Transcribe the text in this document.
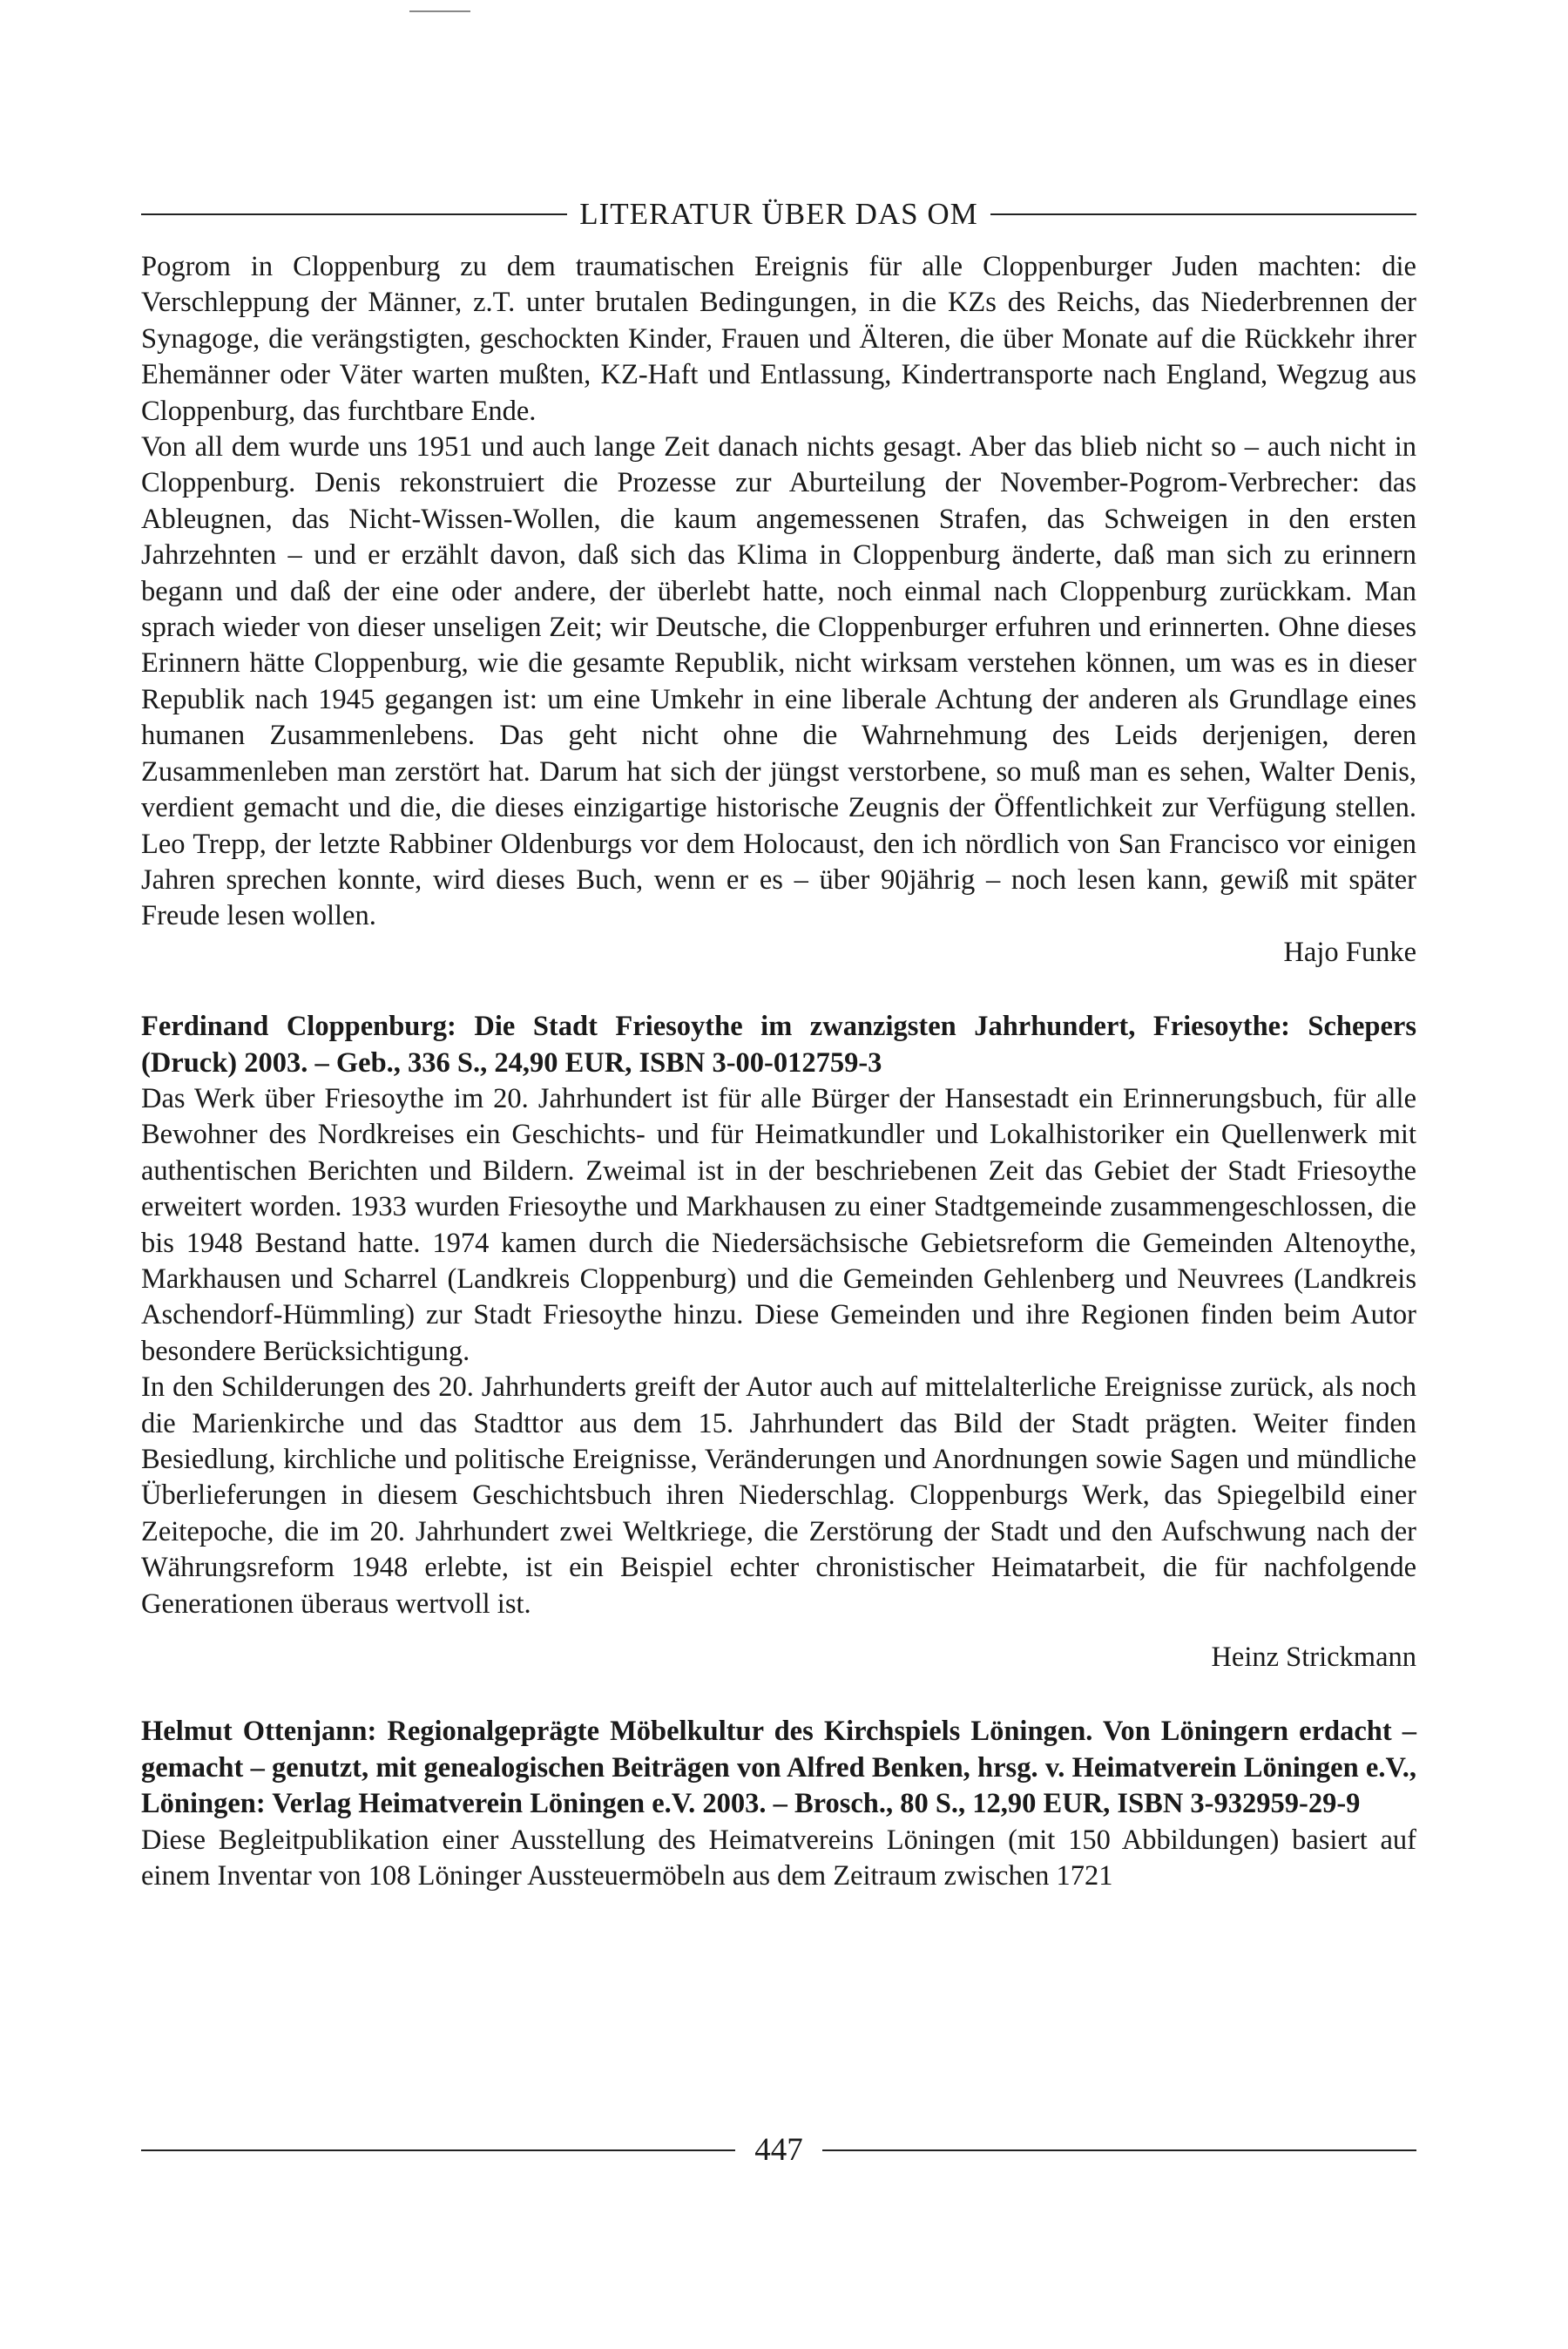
LITERATUR ÜBER DAS OM

Pogrom in Cloppenburg zu dem traumatischen Ereignis für alle Cloppenburger Juden machten: die Verschleppung der Männer, z.T. unter brutalen Bedingungen, in die KZs des Reichs, das Niederbrennen der Synagoge, die verängstigten, geschockten Kinder, Frauen und Älteren, die über Monate auf die Rückkehr ihrer Ehemänner oder Väter warten mußten, KZ-Haft und Entlassung, Kindertransporte nach England, Wegzug aus Cloppenburg, das furchtbare Ende.

Von all dem wurde uns 1951 und auch lange Zeit danach nichts gesagt. Aber das blieb nicht so – auch nicht in Cloppenburg. Denis rekonstruiert die Prozesse zur Aburteilung der November-Pogrom-Verbrecher: das Ableugnen, das Nicht-Wissen-Wollen, die kaum angemessenen Strafen, das Schweigen in den ersten Jahrzehnten – und er erzählt davon, daß sich das Klima in Cloppenburg änderte, daß man sich zu erinnern begann und daß der eine oder andere, der überlebt hatte, noch einmal nach Cloppenburg zurückkam. Man sprach wieder von dieser unseligen Zeit; wir Deutsche, die Cloppenburger erfuhren und erinnerten. Ohne dieses Erinnern hätte Cloppenburg, wie die gesamte Republik, nicht wirksam verstehen können, um was es in dieser Republik nach 1945 gegangen ist: um eine Umkehr in eine liberale Achtung der anderen als Grundlage eines humanen Zusammenlebens. Das geht nicht ohne die Wahrnehmung des Leids derjenigen, deren Zusammenleben man zerstört hat. Darum hat sich der jüngst verstorbene, so muß man es sehen, Walter Denis, verdient gemacht und die, die dieses einzigartige historische Zeugnis der Öffentlichkeit zur Verfügung stellen. Leo Trepp, der letzte Rabbiner Oldenburgs vor dem Holocaust, den ich nördlich von San Francisco vor einigen Jahren sprechen konnte, wird dieses Buch, wenn er es – über 90jährig – noch lesen kann, gewiß mit später Freude lesen wollen.

Hajo Funke

Ferdinand Cloppenburg: Die Stadt Friesoythe im zwanzigsten Jahrhundert, Friesoythe: Schepers (Druck) 2003. – Geb., 336 S., 24,90 EUR, ISBN 3-00-012759-3

Das Werk über Friesoythe im 20. Jahrhundert ist für alle Bürger der Hansestadt ein Erinnerungsbuch, für alle Bewohner des Nordkreises ein Geschichts- und für Heimatkundler und Lokalhistoriker ein Quellenwerk mit authentischen Berichten und Bildern. Zweimal ist in der beschriebenen Zeit das Gebiet der Stadt Friesoythe erweitert worden. 1933 wurden Friesoythe und Markhausen zu einer Stadtgemeinde zusammengeschlossen, die bis 1948 Bestand hatte. 1974 kamen durch die Niedersächsische Gebietsreform die Gemeinden Altenoythe, Markhausen und Scharrel (Landkreis Cloppenburg) und die Gemeinden Gehlenberg und Neuvrees (Landkreis Aschendorf-Hümmling) zur Stadt Friesoythe hinzu. Diese Gemeinden und ihre Regionen finden beim Autor besondere Berücksichtigung.

In den Schilderungen des 20. Jahrhunderts greift der Autor auch auf mittelalterliche Ereignisse zurück, als noch die Marienkirche und das Stadttor aus dem 15. Jahrhundert das Bild der Stadt prägten. Weiter finden Besiedlung, kirchliche und politische Ereignisse, Veränderungen und Anordnungen sowie Sagen und mündliche Überlieferungen in diesem Geschichtsbuch ihren Niederschlag. Cloppenburgs Werk, das Spiegelbild einer Zeitepoche, die im 20. Jahrhundert zwei Weltkriege, die Zerstörung der Stadt und den Aufschwung nach der Währungsreform 1948 erlebte, ist ein Beispiel echter chronistischer Heimatarbeit, die für nachfolgende Generationen überaus wertvoll ist.

Heinz Strickmann

Helmut Ottenjann: Regionalgeprägte Möbelkultur des Kirchspiels Löningen. Von Löningern erdacht – gemacht – genutzt, mit genealogischen Beiträgen von Alfred Benken, hrsg. v. Heimatverein Löningen e.V., Löningen: Verlag Heimatverein Löningen e.V. 2003. – Brosch., 80 S., 12,90 EUR, ISBN 3-932959-29-9

Diese Begleitpublikation einer Ausstellung des Heimatvereins Löningen (mit 150 Abbildungen) basiert auf einem Inventar von 108 Löninger Aussteuermöbeln aus dem Zeitraum zwischen 1721

447
